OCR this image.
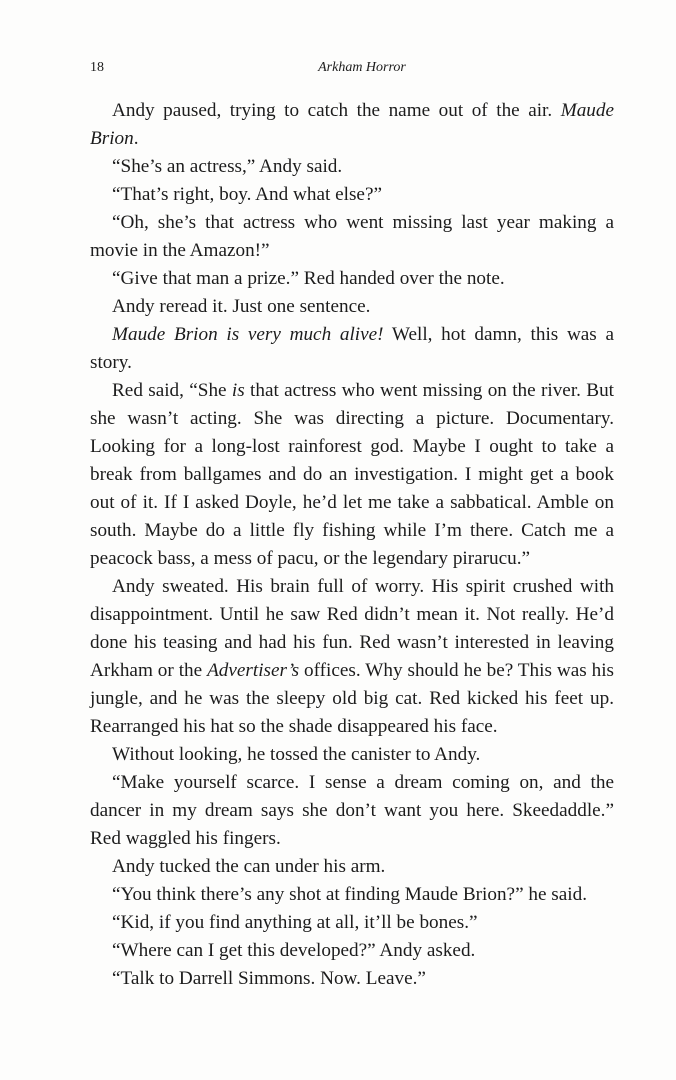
18	Arkham Horror

Andy paused, trying to catch the name out of the air. Maude Brion.

“She’s an actress,” Andy said.

“That’s right, boy. And what else?”

“Oh, she’s that actress who went missing last year making a movie in the Amazon!”

“Give that man a prize.” Red handed over the note.

Andy reread it. Just one sentence.

Maude Brion is very much alive! Well, hot damn, this was a story.

Red said, “She is that actress who went missing on the river. But she wasn’t acting. She was directing a picture. Documentary. Looking for a long-lost rainforest god. Maybe I ought to take a break from ballgames and do an investigation. I might get a book out of it. If I asked Doyle, he’d let me take a sabbatical. Amble on south. Maybe do a little fly fishing while I’m there. Catch me a peacock bass, a mess of pacu, or the legendary pirarucu.”

Andy sweated. His brain full of worry. His spirit crushed with disappointment. Until he saw Red didn’t mean it. Not really. He’d done his teasing and had his fun. Red wasn’t interested in leaving Arkham or the Advertiser’s offices. Why should he be? This was his jungle, and he was the sleepy old big cat. Red kicked his feet up. Rearranged his hat so the shade disappeared his face.

Without looking, he tossed the canister to Andy.

“Make yourself scarce. I sense a dream coming on, and the dancer in my dream says she don’t want you here. Skeedaddle.” Red waggled his fingers.

Andy tucked the can under his arm.

“You think there’s any shot at finding Maude Brion?” he said.

“Kid, if you find anything at all, it’ll be bones.”

“Where can I get this developed?” Andy asked.

“Talk to Darrell Simmons. Now. Leave.”
